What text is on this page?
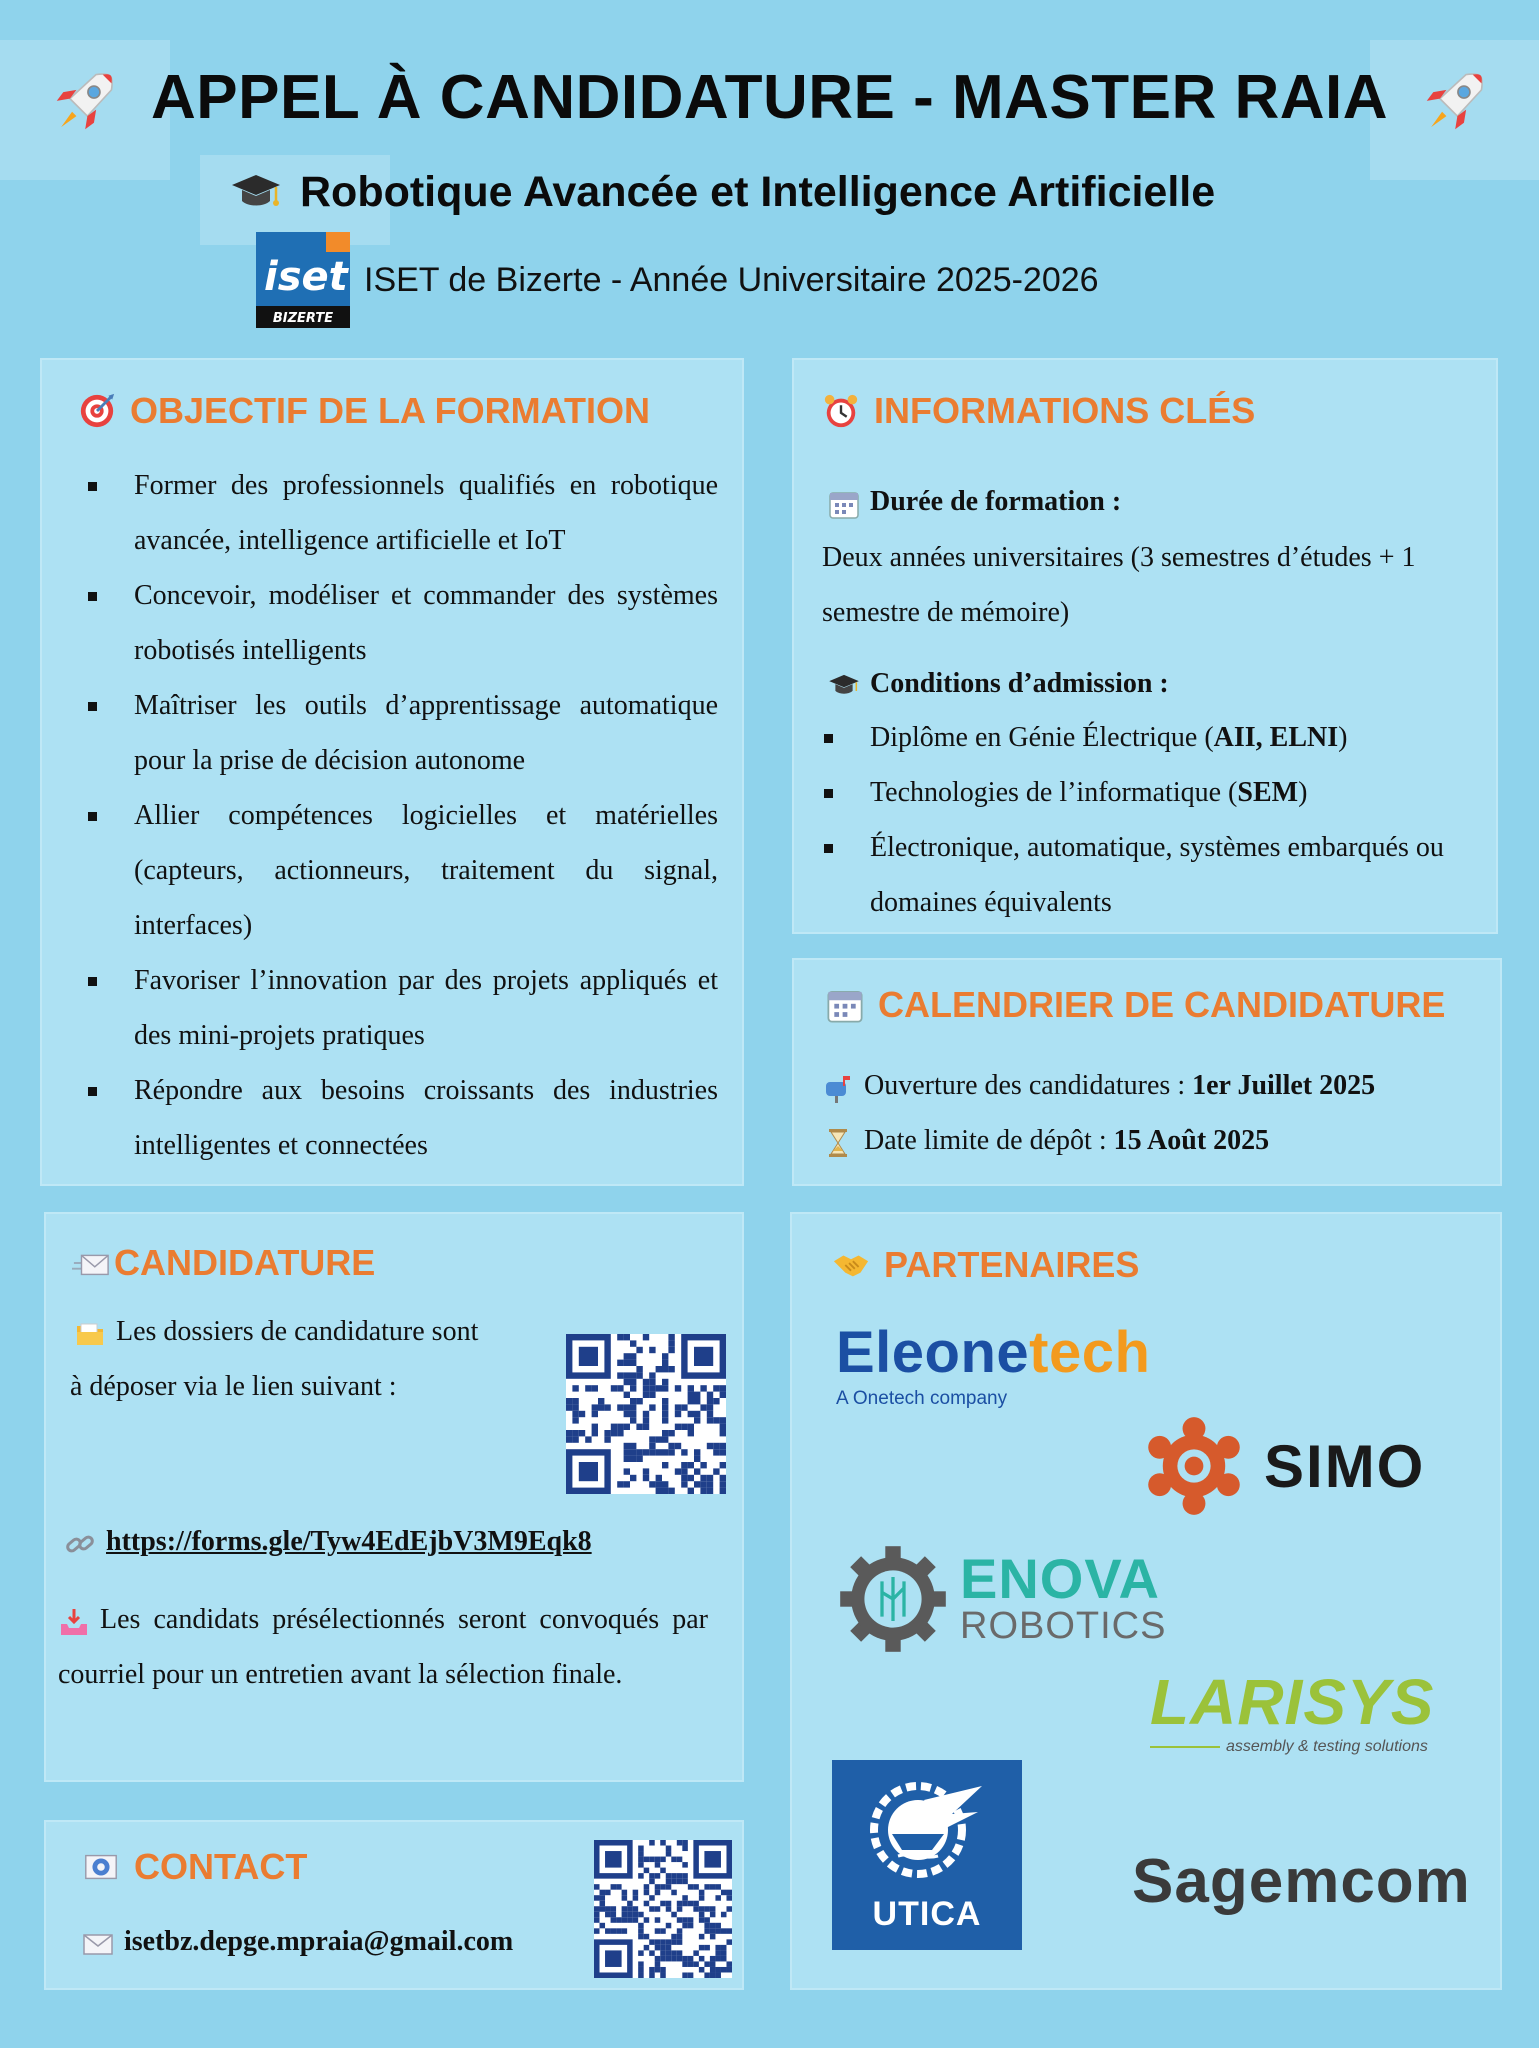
APPEL À CANDIDATURE - MASTER RAIA
Robotique Avancée et Intelligence Artificielle
iset
BIZERTE
ISET de Bizerte - Année Universitaire 2025-2026
OBJECTIF DE LA FORMATION
Former des professionnels qualifiés en robotique avancée, intelligence artificielle et IoT
Concevoir, modéliser et commander des systèmes robotisés intelligents
Maîtriser les outils d’apprentissage automatique pour la prise de décision autonome
Allier compétences logicielles et matérielles (capteurs, actionneurs, traitement du signal, interfaces)
Favoriser l’innovation par des projets appliqués et des mini-projets pratiques
Répondre aux besoins croissants des industries intelligentes et connectées
INFORMATIONS CLÉS
Durée de formation :
Deux années universitaires (3 semestres d’études + 1 semestre de mémoire)
Conditions d’admission :
Diplôme en Génie Électrique (AII, ELNI)
Technologies de l’informatique (SEM)
Électronique, automatique, systèmes embarqués ou domaines équivalents
CALENDRIER DE CANDIDATURE
Ouverture des candidatures : 1er Juillet 2025
Date limite de dépôt : 15 Août 2025
CANDIDATURE
Les dossiers de candidature sont
à déposer via le lien suivant :
https://forms.gle/Tyw4EdEjbV3M9Eqk8
Les candidats présélectionnés seront convoqués par courriel pour un entretien avant la sélection finale.
CONTACT
isetbz.depge.mpraia@gmail.com
PARTENAIRES
Eleonetech
A Onetech company
SIMO
ENOVA
ROBOTICS
LARISYS
assembly & testing solutions
UTICA	Sagemcom
